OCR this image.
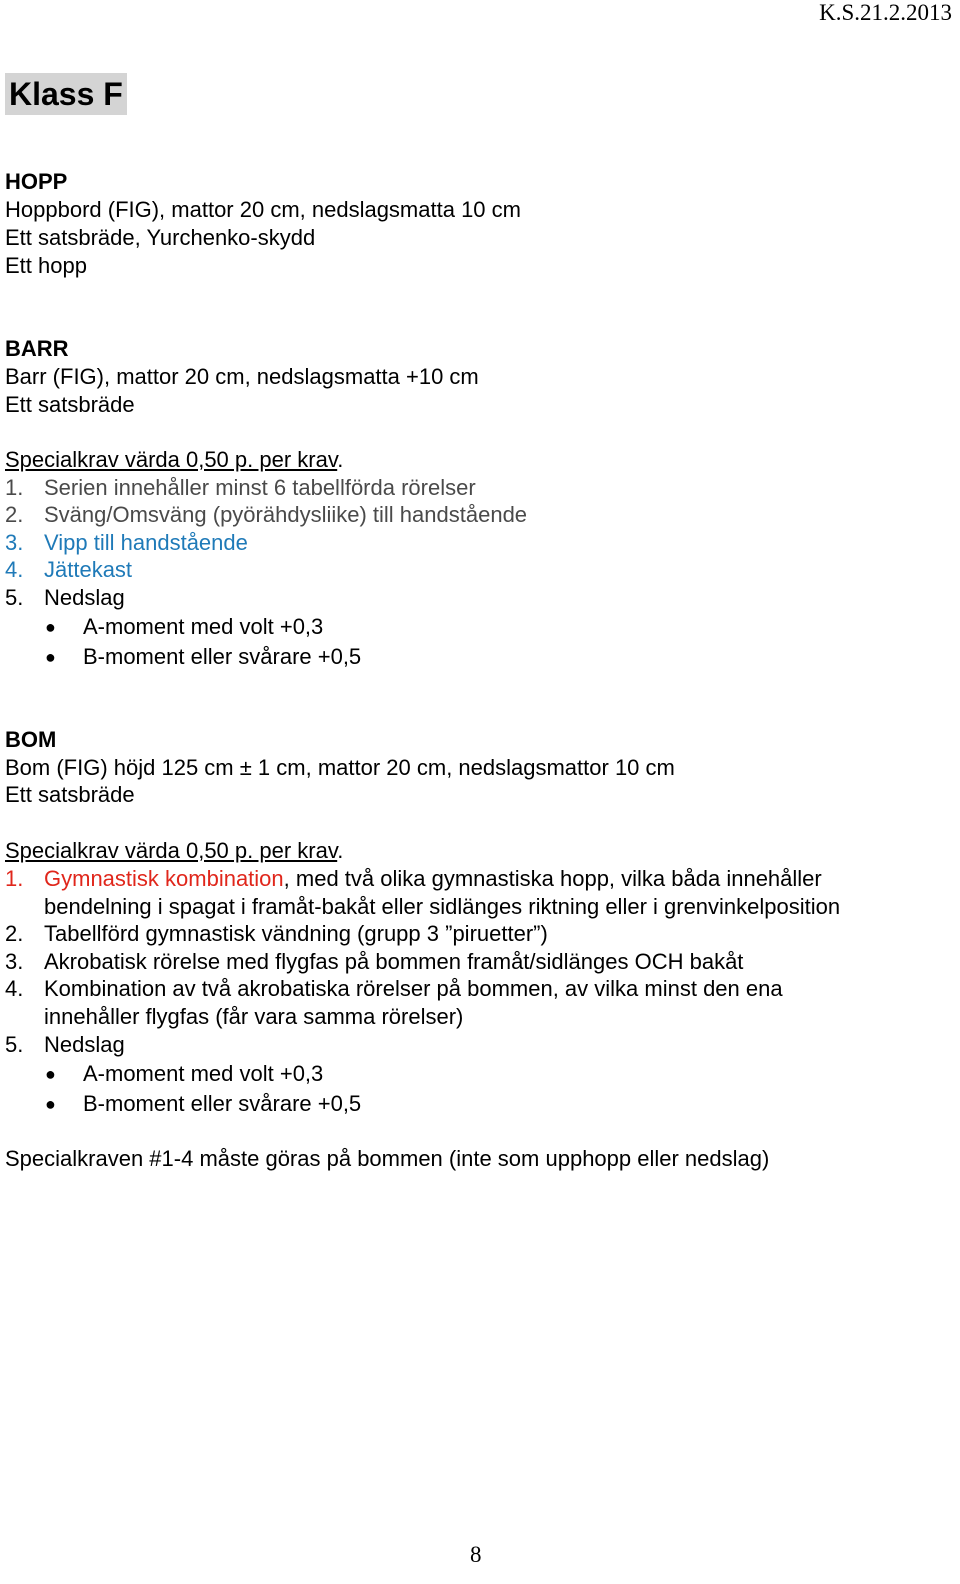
K.S.21.2.2013
Klass F
HOPP
Hoppbord (FIG), mattor 20 cm, nedslagsmatta 10 cm
Ett satsbräde, Yurchenko-skydd
Ett hopp
BARR
Barr (FIG), mattor 20 cm, nedslagsmatta +10 cm
Ett satsbräde
Specialkrav värda 0,50 p. per krav.
1. Serien innehåller minst 6 tabellförda rörelser
2. Sväng/Omsväng (pyörähdysliike) till handstående
3. Vipp till handstående
4. Jättekast
5. Nedslag
● A-moment med volt +0,3
● B-moment eller svårare +0,5
BOM
Bom (FIG) höjd 125 cm ± 1 cm, mattor 20 cm, nedslagsmattor 10 cm
Ett satsbräde
Specialkrav värda 0,50 p. per krav.
1. Gymnastisk kombination, med två olika gymnastiska hopp, vilka båda innehåller
bendelning i spagat i framåt-bakåt eller sidlänges riktning eller i grenvinkelposition
2. Tabellförd gymnastisk vändning (grupp 3 ”piruetter”)
3. Akrobatisk rörelse med flygfas på bommen framåt/sidlänges OCH bakåt
4. Kombination av två akrobatiska rörelser på bommen, av vilka minst den ena
innehåller flygfas (får vara samma rörelser)
5. Nedslag
● A-moment med volt +0,3
● B-moment eller svårare +0,5
Specialkraven #1-4 måste göras på bommen (inte som upphopp eller nedslag)
8
